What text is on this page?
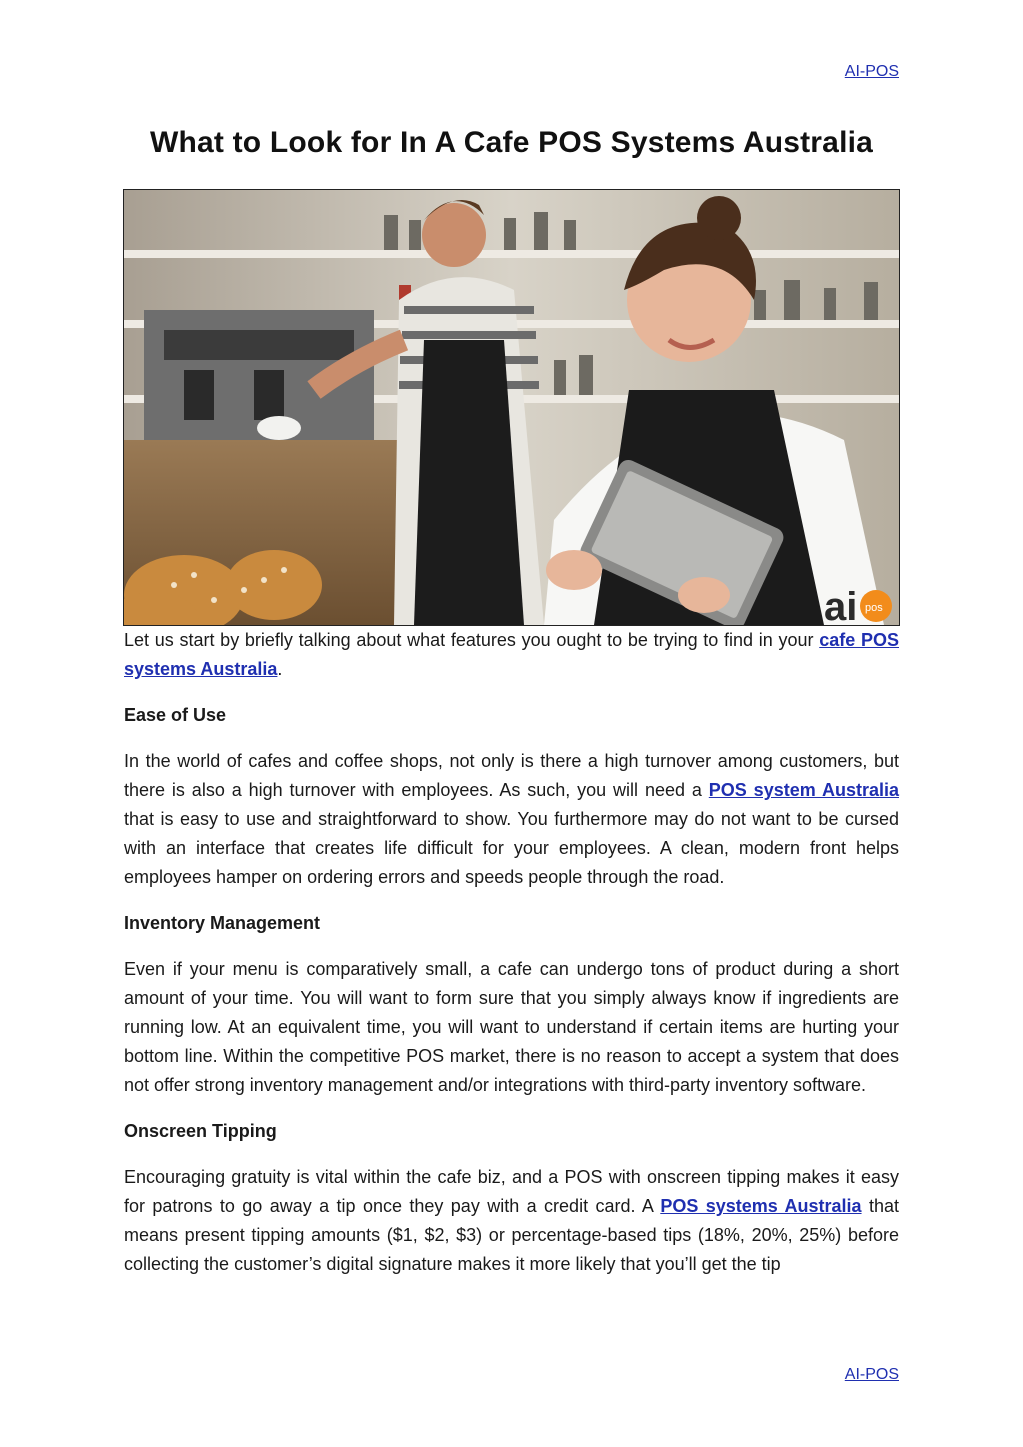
AI-POS
What to Look for In A Cafe POS Systems Australia
ai pos

Let us start by briefly talking about what features you ought to be trying to find in your cafe POS systems Australia.

Ease of Use

In the world of cafes and coffee shops, not only is there a high turnover among customers, but there is also a high turnover with employees. As such, you will need a POS system Australia that is easy to use and straightforward to show. You furthermore may do not want to be cursed with an interface that creates life difficult for your employees. A clean, modern front helps employees hamper on ordering errors and speeds people through the road.

Inventory Management

Even if your menu is comparatively small, a cafe can undergo tons of product during a short amount of your time. You will want to form sure that you simply always know if ingredients are running low. At an equivalent time, you will want to understand if certain items are hurting your bottom line. Within the competitive POS market, there is no reason to accept a system that does not offer strong inventory management and/or integrations with third-party inventory software.

Onscreen Tipping

Encouraging gratuity is vital within the cafe biz, and a POS with onscreen tipping makes it easy for patrons to go away a tip once they pay with a credit card. A POS systems Australia that means present tipping amounts ($1, $2, $3) or percentage-based tips (18%, 20%, 25%) before collecting the customer’s digital signature makes it more likely that you’ll get the tip

AI-POS
